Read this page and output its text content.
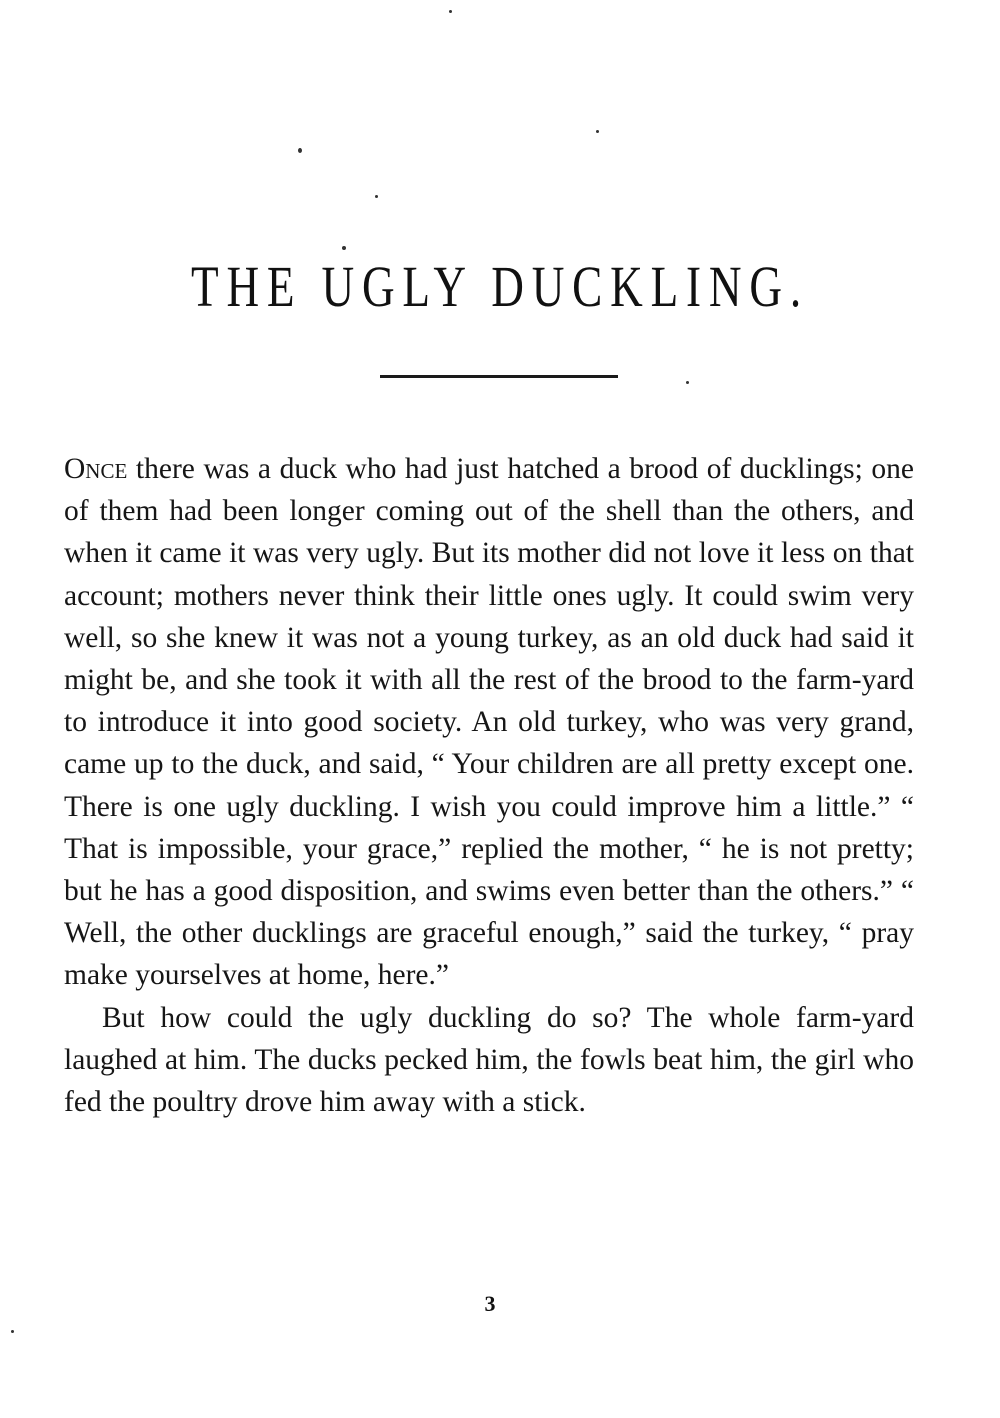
THE UGLY DUCKLING.

Once there was a duck who had just hatched a brood of ducklings; one of them had been longer coming out of the shell than the others, and when it came it was very ugly. But its mother did not love it less on that account; mothers never think their little ones ugly. It could swim very well, so she knew it was not a young turkey, as an old duck had said it might be, and she took it with all the rest of the brood to the farm-yard to introduce it into good society. An old turkey, who was very grand, came up to the duck, and said, “ Your children are all pretty except one. There is one ugly duckling. I wish you could improve him a little.” “ That is impossible, your grace,” replied the mother, “ he is not pretty; but he has a good disposition, and swims even better than the others.” “ Well, the other ducklings are graceful enough,” said the turkey, “ pray make yourselves at home, here.”

But how could the ugly duckling do so? The whole farm-yard laughed at him. The ducks pecked him, the fowls beat him, the girl who fed the poultry drove him away with a stick.

3
